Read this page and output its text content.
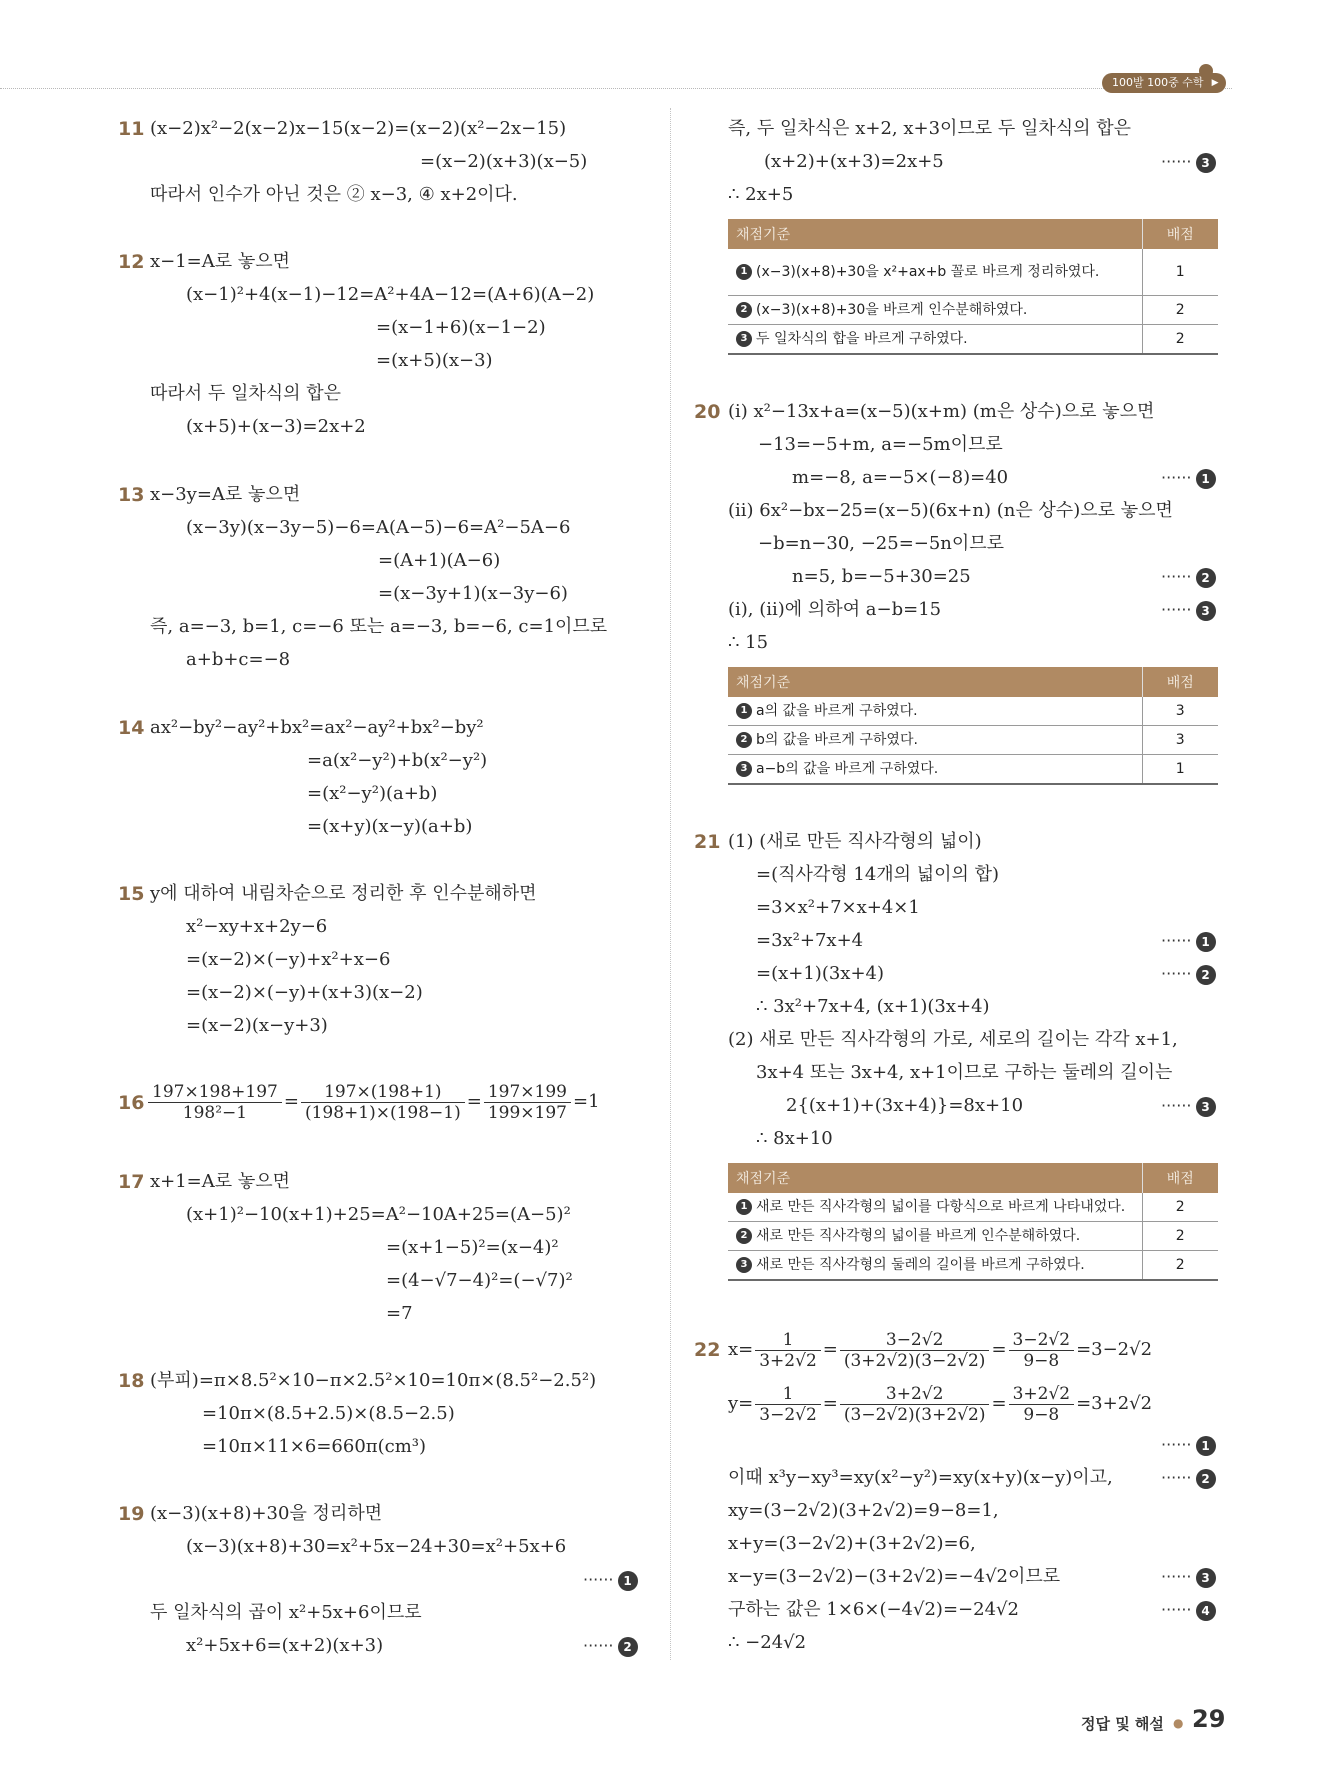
100발 100중 수학 ▶
11 (x−2)x²−2(x−2)x−15(x−2)=(x−2)(x²−2x−15)
=(x−2)(x+3)(x−5)
따라서 인수가 아닌 것은 ② x−3, ④ x+2이다.
12 x−1=A로 놓으면
(x−1)²+4(x−1)−12=A²+4A−12=(A+6)(A−2)
=(x−1+6)(x−1−2)
=(x+5)(x−3)
따라서 두 일차식의 합은
(x+5)+(x−3)=2x+2
13 x−3y=A로 놓으면
(x−3y)(x−3y−5)−6=A(A−5)−6=A²−5A−6
=(A+1)(A−6)
=(x−3y+1)(x−3y−6)
즉, a=−3, b=1, c=−6 또는 a=−3, b=−6, c=1이므로
a+b+c=−8
14 ax²−by²−ay²+bx²=ax²−ay²+bx²−by²
=a(x²−y²)+b(x²−y²)
=(x²−y²)(a+b)
=(x+y)(x−y)(a+b)
15 y에 대하여 내림차순으로 정리한 후 인수분해하면
x²−xy+x+2y−6
=(x−2)×(−y)+x²+x−6
=(x−2)×(−y)+(x+3)(x−2)
=(x−2)(x−y+3)
$16 \frac{197\times 198+197}{\text{198²−1}} = \frac{197\times(198+1)}{(198+1)\times(198-1)} = \frac{197\times 199}{199\times 197} =1$
17 x+1=A로 놓으면
(x+1)²−10(x+1)+25=A²−10A+25=(A−5)²
=(x+1−5)²=(x−4)²
=(4−√7−4)²=(−√7)²
=7
18 (부피)=π×8.5²×10−π×2.5²×10=10π×(8.5²−2.5²)
=10π×(8.5+2.5)×(8.5−2.5)
=10π×11×6=660π(cm³)
19 (x−3)(x+8)+30을 정리하면
(x−3)(x+8)+30=x²+5x−24+30=x²+5x+6
······ 1
두 일차식의 곱이 x²+5x+6이므로
x²+5x+6=(x+2)(x+3)	······ 2
즉, 두 일차식은 x+2, x+3이므로 두 일차식의 합은
(x+2)+(x+3)=2x+5	······ 3
∴ 2x+5
채점기준	배점
1 (x−3)(x+8)+30을 x²+ax+b 꼴로 바르게 정리하였다.	1
2 (x−3)(x+8)+30을 바르게 인수분해하였다.	2
3 두 일차식의 합을 바르게 구하였다.	2
20 (i) x²−13x+a=(x−5)(x+m) (m은 상수)으로 놓으면
−13=−5+m, a=−5m이므로
m=−8, a=−5×(−8)=40	······ 1
(ii) 6x²−bx−25=(x−5)(6x+n) (n은 상수)으로 놓으면
−b=n−30, −25=−5n이므로
n=5, b=−5+30=25	······ 2
(i), (ii)에 의하여 a−b=15	······ 3
∴ 15
채점기준	배점
1 a의 값을 바르게 구하였다.	3
2 b의 값을 바르게 구하였다.	3
3 a−b의 값을 바르게 구하였다.	1
21 (1) (새로 만든 직사각형의 넓이)
=(직사각형 14개의 넓이의 합)
=3×x²+7×x+4×1
=3x²+7x+4	······ 1
=(x+1)(3x+4)	······ 2
∴ 3x²+7x+4, (x+1)(3x+4)
(2) 새로 만든 직사각형의 가로, 세로의 길이는 각각 x+1,
3x+4 또는 3x+4, x+1이므로 구하는 둘레의 길이는
2{(x+1)+(3x+4)}=8x+10	······ 3
∴ 8x+10
채점기준	배점
1 새로 만든 직사각형의 넓이를 다항식으로 바르게 나타내었다.	2
2 새로 만든 직사각형의 넓이를 바르게 인수분해하였다.	2
3 새로 만든 직사각형의 둘레의 길이를 바르게 구하였다.	2
22 $x= \frac{1}{3+2√2} = \frac{3-2√2}{(3+2√2)(3-2√2)} = \frac{3-2√2}{9-8} =3-2√2$
$y= \frac{1}{3-2√2} = \frac{3+2√2}{(3-2√2)(3+2√2)} = \frac{3+2√2}{9-8} =3+2√2$
······ 1
이때 x³y−xy³=xy(x²−y²)=xy(x+y)(x−y)이고,	······ 2
xy=(3−2√2)(3+2√2)=9−8=1,
x+y=(3−2√2)+(3+2√2)=6,
x−y=(3−2√2)−(3+2√2)=−4√2이므로	······ 3
구하는 값은 1×6×(−4√2)=−24√2	······ 4
∴ −24√2
정답 및 해설 ● 29
